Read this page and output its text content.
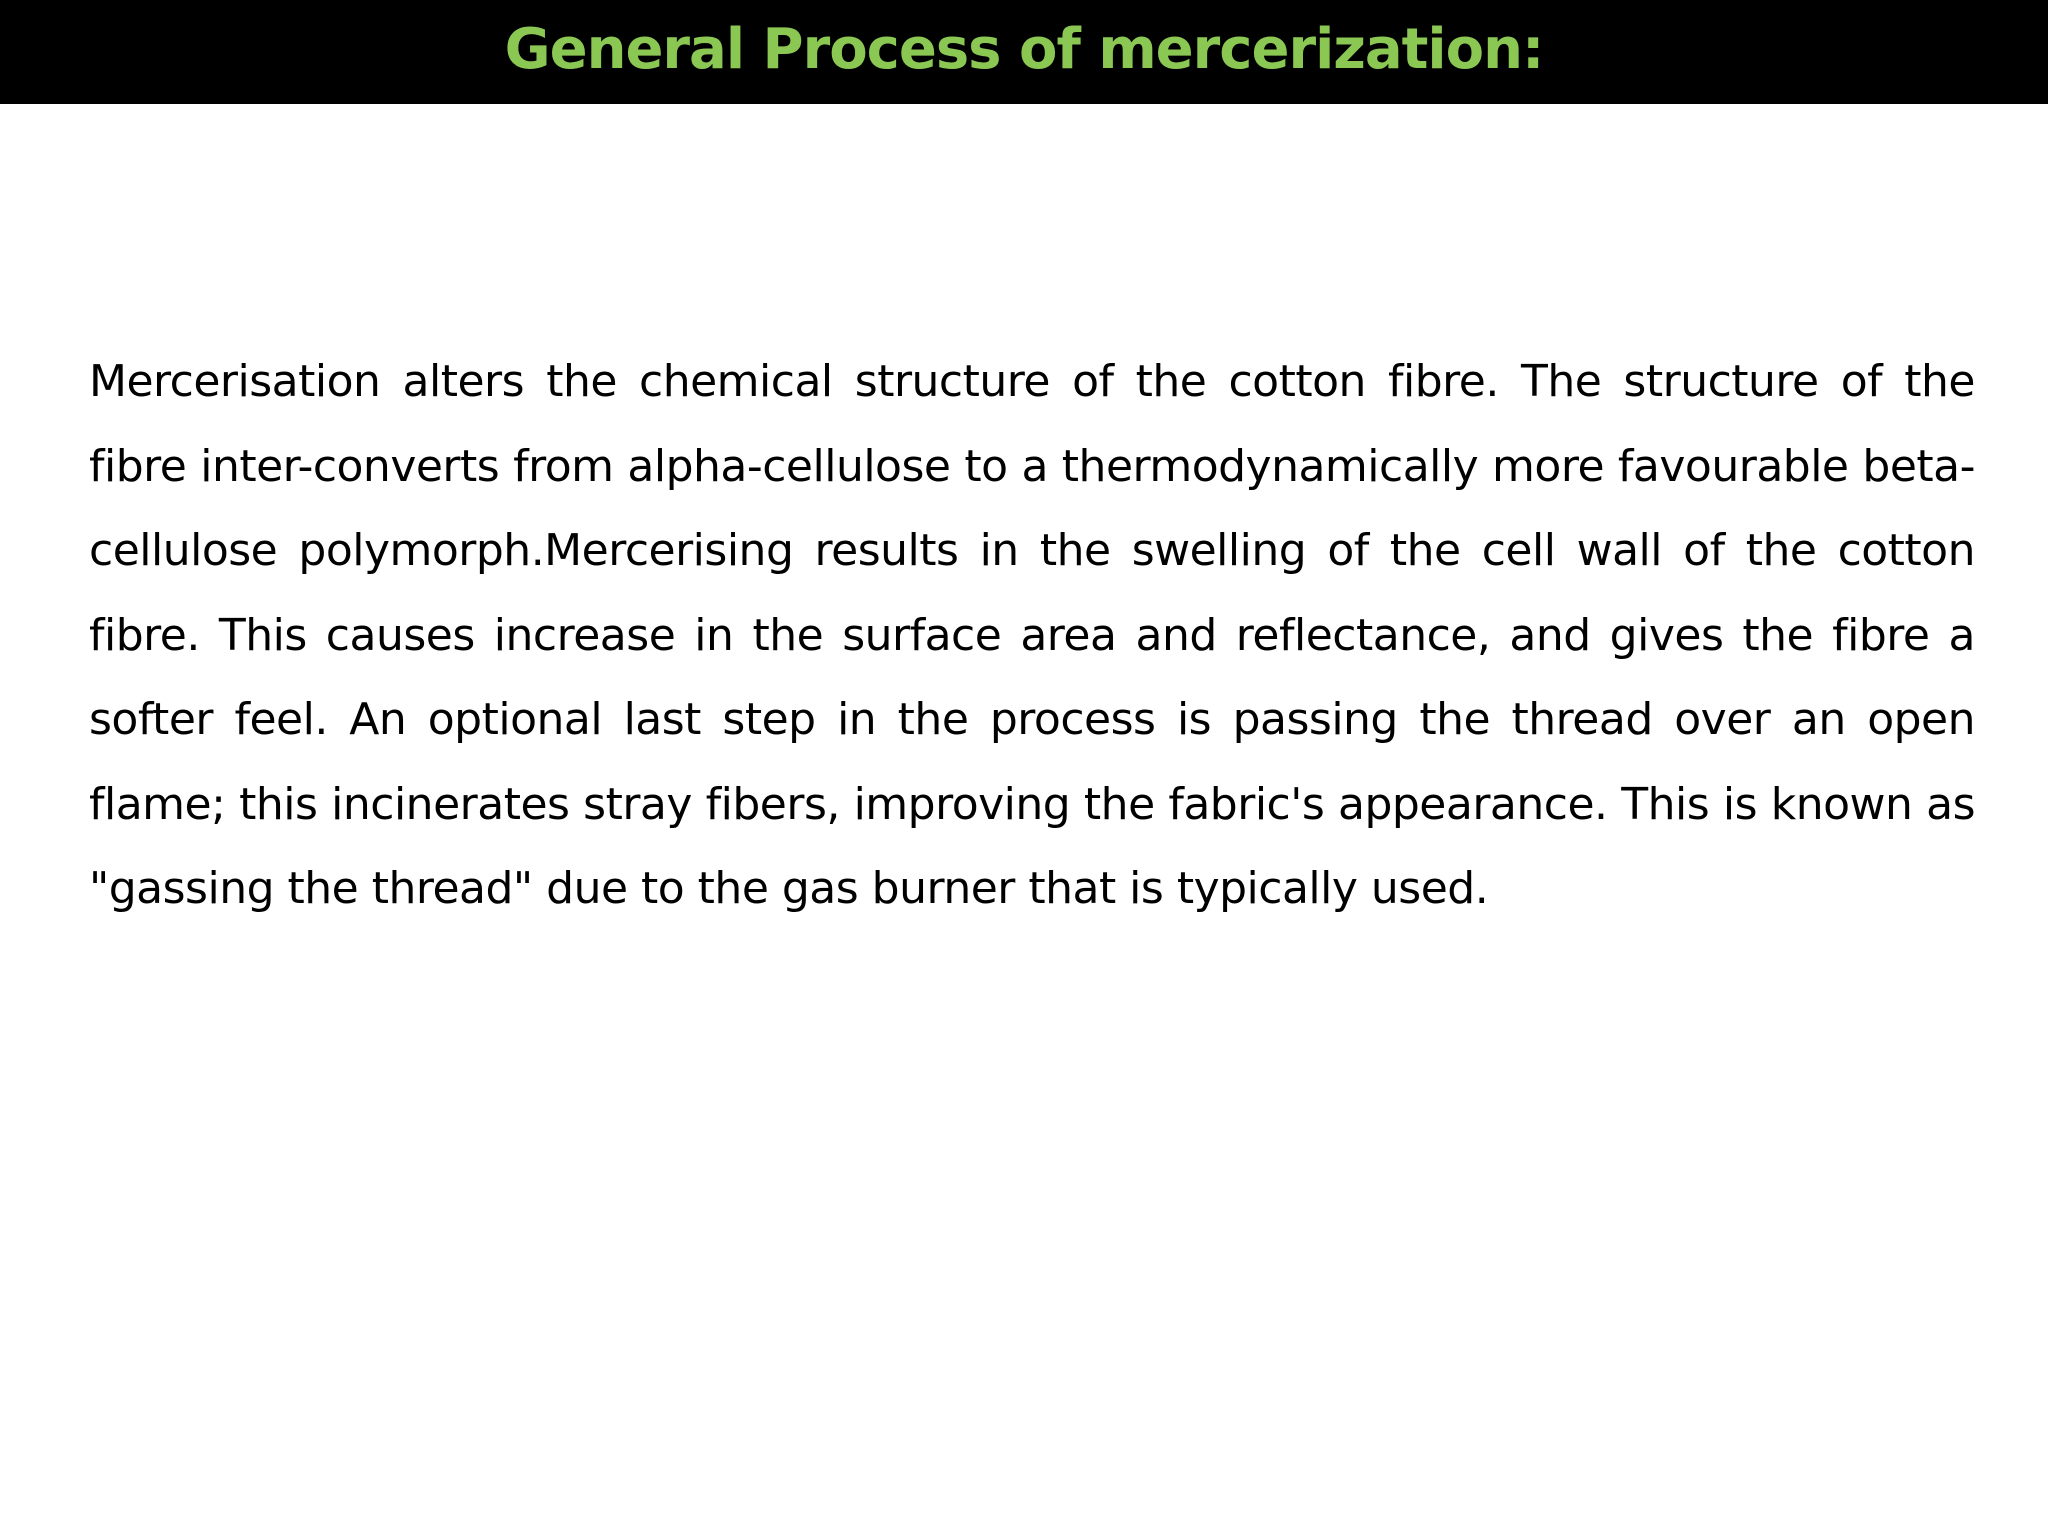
General Process of mercerization:

Mercerisation alters the chemical structure of the cotton fibre. The structure of the fibre inter-converts from alpha-cellulose to a thermodynamically more favourable beta-cellulose polymorph.Mercerising results in the swelling of the cell wall of the cotton fibre. This causes increase in the surface area and reflectance, and gives the fibre a softer feel. An optional last step in the process is passing the thread over an open flame; this incinerates stray fibers, improving the fabric's appearance. This is known as "gassing the thread" due to the gas burner that is typically used.
